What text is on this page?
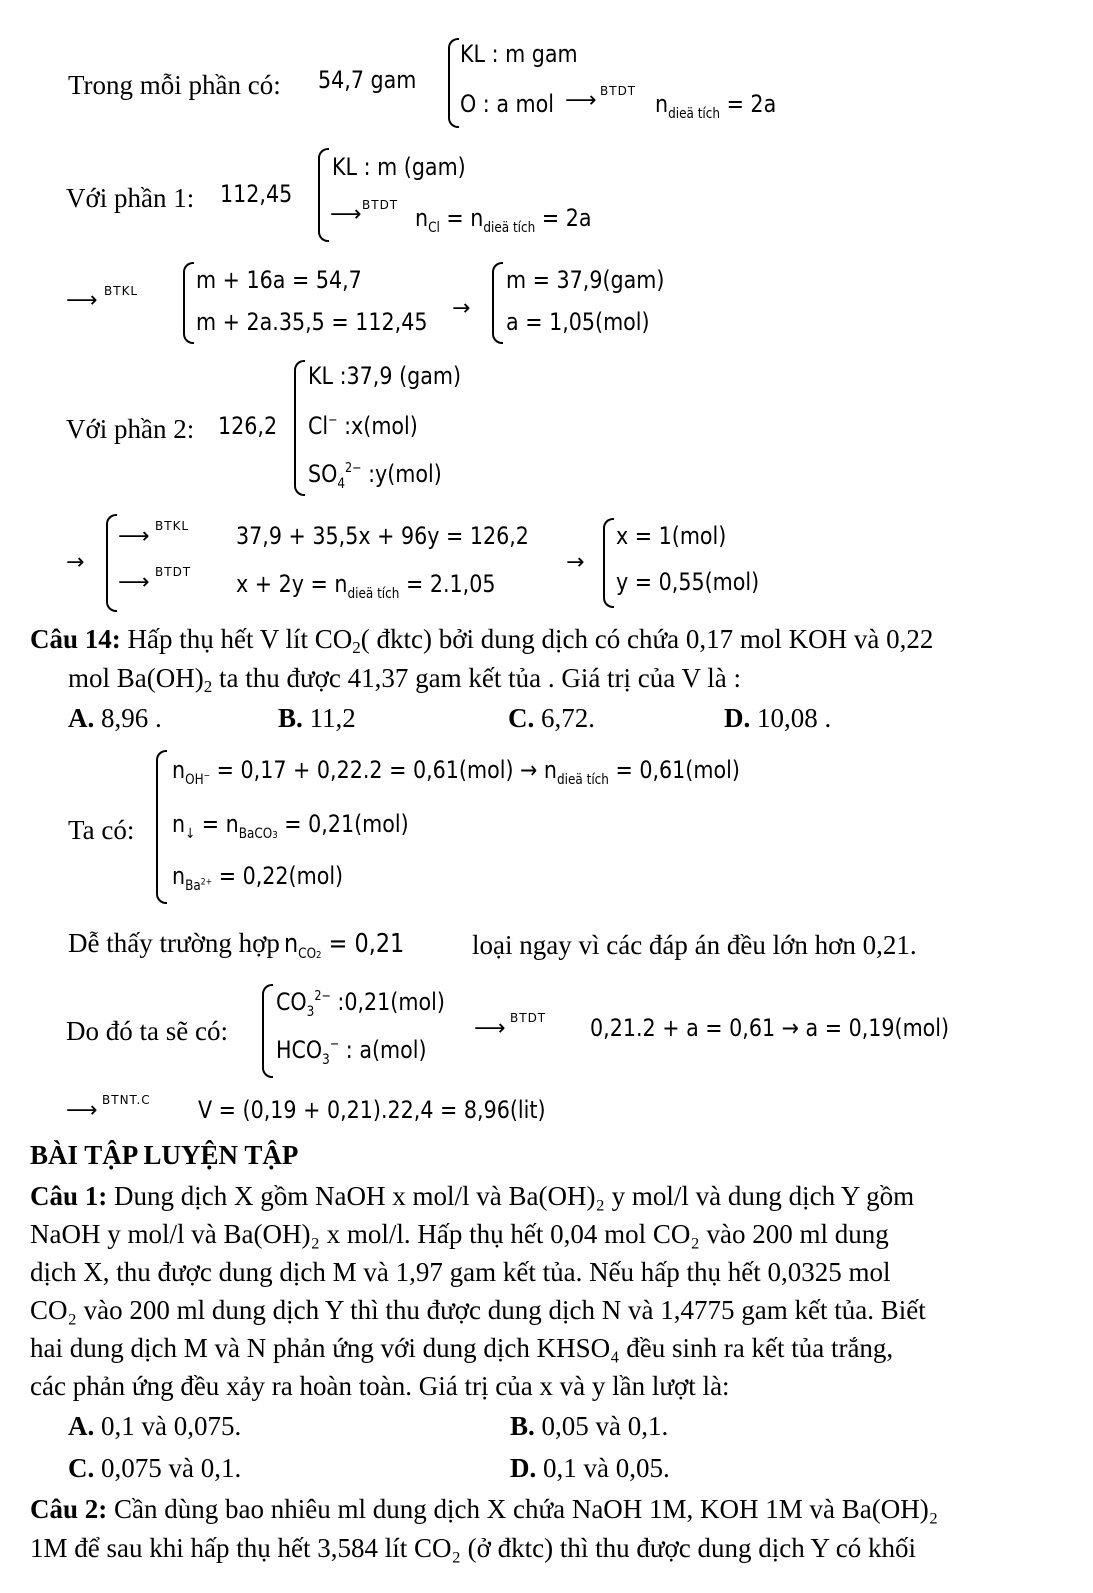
Trong mỗi phần có: 54,7 gam
KL : m gam
O : a mol ⟶ BTDT $n_{dieä tích} = 2a$
Với phần 1: 112,45
KL : m (gam)
⟶ BTDT $n_{Cl} = n_{dieä tích} = 2a$
⟶ BTKL m + 16a = 54,7
m + 2a.35,5 = 112,45	→
m = 37,9(gam)
a = 1,05(mol)
Với phần 2: 126,2
KL :37,9 (gam)
Cl− :x(mol)
$SO_4^{2-}$ :y(mol)
→
⟶ BTKL 37,9 + 35,5x + 96y = 126,2
⟶ BTDT $x + 2y = n_{dieä tích} = 2.1,05$
→
x = 1(mol)
y = 0,55(mol)
Câu 14: Hấp thụ hết V lít CO2( đktc) bởi dung dịch có chứa 0,17 mol KOH và 0,22
mol Ba(OH)2 ta thu được 41,37 gam kết tủa . Giá trị của V là :
A. 8,96 .	B. 11,2	C. 6,72.	D. 10,08 .
Ta có:
$n_{OH^-} = 0,17 + 0,22.2 = 0,61(mol) \to n_{dieä tích} = 0,61(mol)$
$n_↓ = n_{BaCO3} = 0,21(mol)$
$n_{Ba^{2+}} = 0,22(mol)$
Dễ thấy trường hợp $n_{CO2} = 0,21$	loại ngay vì các đáp án đều lớn hơn 0,21.
Do đó ta sẽ có:
$CO_3^{2-}$ :0,21(mol)
$HCO_3^-$ : a(mol)
⟶ BTDT 0,21.2 + a = 0,61 → a = 0,19(mol)
⟶ BTNT.C V = (0,19 + 0,21).22,4 = 8,96(lit)
BÀI TẬP LUYỆN TẬP
Câu 1: Dung dịch X gồm NaOH x mol/l và Ba(OH)₂ y mol/l và dung dịch Y gồm
NaOH y mol/l và Ba(OH)₂ x mol/l. Hấp thụ hết 0,04 mol CO₂ vào 200 ml dung
dịch X, thu được dung dịch M và 1,97 gam kết tủa. Nếu hấp thụ hết 0,0325 mol
CO₂ vào 200 ml dung dịch Y thì thu được dung dịch N và 1,4775 gam kết tủa. Biết
hai dung dịch M và N phản ứng với dung dịch KHSO₄ đều sinh ra kết tủa trắng,
các phản ứng đều xảy ra hoàn toàn. Giá trị của x và y lần lượt là:
A. 0,1 và 0,075.	B. 0,05 và 0,1.
C. 0,075 và 0,1.	D. 0,1 và 0,05.
Câu 2: Cần dùng bao nhiêu ml dung dịch X chứa NaOH 1M, KOH 1M và Ba(OH)₂
1M để sau khi hấp thụ hết 3,584 lít CO₂ (ở đktc) thì thu được dung dịch Y có khối
